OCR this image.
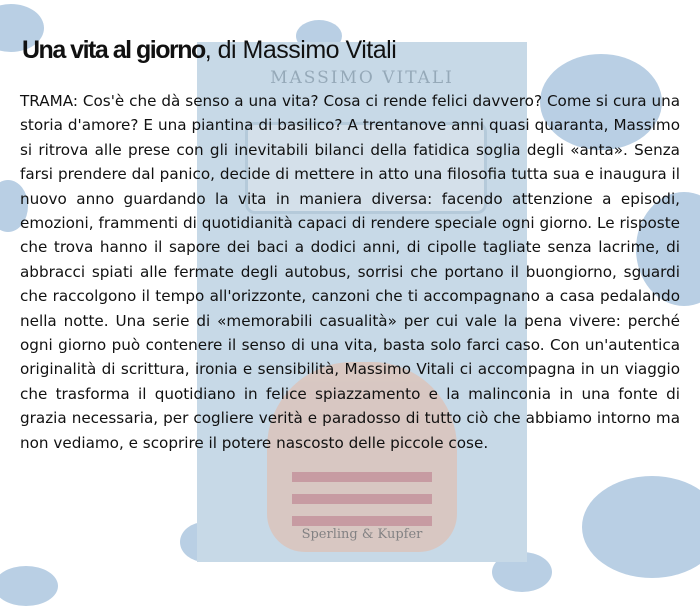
MASSIMO VITALI
Sperling & Kupfer
Una vita al giorno, di Massimo Vitali

TRAMA: Cos'è che dà senso a una vita? Cosa ci rende felici davvero? Come si cura una storia d'amore? E una piantina di basilico? A trentanove anni quasi quaranta, Massimo si ritrova alle prese con gli inevitabili bilanci della fatidica soglia degli «anta». Senza farsi prendere dal panico, decide di mettere in atto una filosofia tutta sua e inaugura il nuovo anno guardando la vita in maniera diversa: facendo attenzione a episodi, emozioni, frammenti di quotidianità capaci di rendere speciale ogni giorno. Le risposte che trova hanno il sapore dei baci a dodici anni, di cipolle tagliate senza lacrime, di abbracci spiati alle fermate degli autobus, sorrisi che portano il buongiorno, sguardi che raccolgono il tempo all'orizzonte, canzoni che ti accompagnano a casa pedalando nella notte. Una serie di «memorabili casualità» per cui vale la pena vivere: perché ogni giorno può contenere il senso di una vita, basta solo farci caso. Con un'autentica originalità di scrittura, ironia e sensibilità, Massimo Vitali ci accompagna in un viaggio che trasforma il quotidiano in felice spiazzamento e la malinconia in una fonte di grazia necessaria, per cogliere verità e paradosso di tutto ciò che abbiamo intorno ma non vediamo, e scoprire il potere nascosto delle piccole cose.
